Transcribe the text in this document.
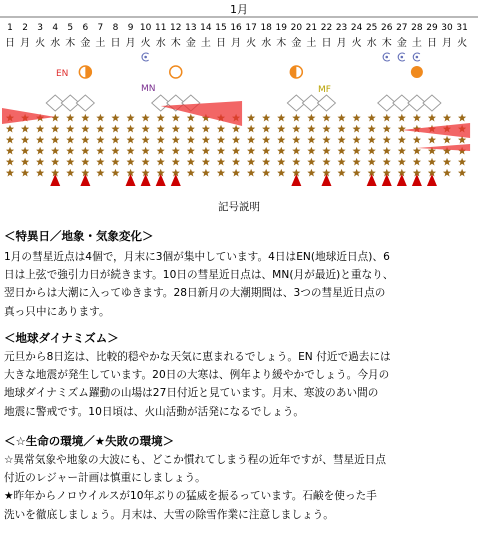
1月
1 2 3 4 5 6 7 8 9 10 11 12 13 14 15 16 17 18 19 20 21 22 23 24 25 26 27 28 29 30 31
日 月 火 水 木 金 土 日 月 火 水 木 金 土 日 月 火 水 木 金 土 日 月 火 水 木 金 土 日 月 火
EN
MN	MF
記号説明
＜特異日／地象・気象変化＞

1月の彗星近点は4個で，月末に3個が集中しています。4日はEN(地球近日点)、6

日は上弦で強引力日が続きます。10日の彗星近日点は、MN(月が最近)と重なり、

翌日からは大潮に入ってゆきます。28日新月の大潮期間は、3つの彗星近日点の

真っ只中にあります。

＜地球ダイナミズム＞

元旦から8日迄は、比較的穏やかな天気に恵まれるでしょう。EN 付近で過去には

大きな地震が発生しています。20日の大寒は、例年より緩やかでしょう。今月の

地球ダイナミズム躍動の山場は27日付近と見ています。月末、寒波のあい間の

地震に警戒です。10日頃は、火山活動が活発になるでしょう。

＜☆生命の環境／★失敗の環境＞

☆異常気象や地象の大波にも、どこか慣れてしまう程の近年ですが、彗星近日点

付近のレジャー計画は慎重にしましょう。

★昨年からノロウイルスが10年ぶりの猛威を振るっています。石鹸を使った手

洗いを徹底しましょう。月末は、大雪の除雪作業に注意しましょう。
